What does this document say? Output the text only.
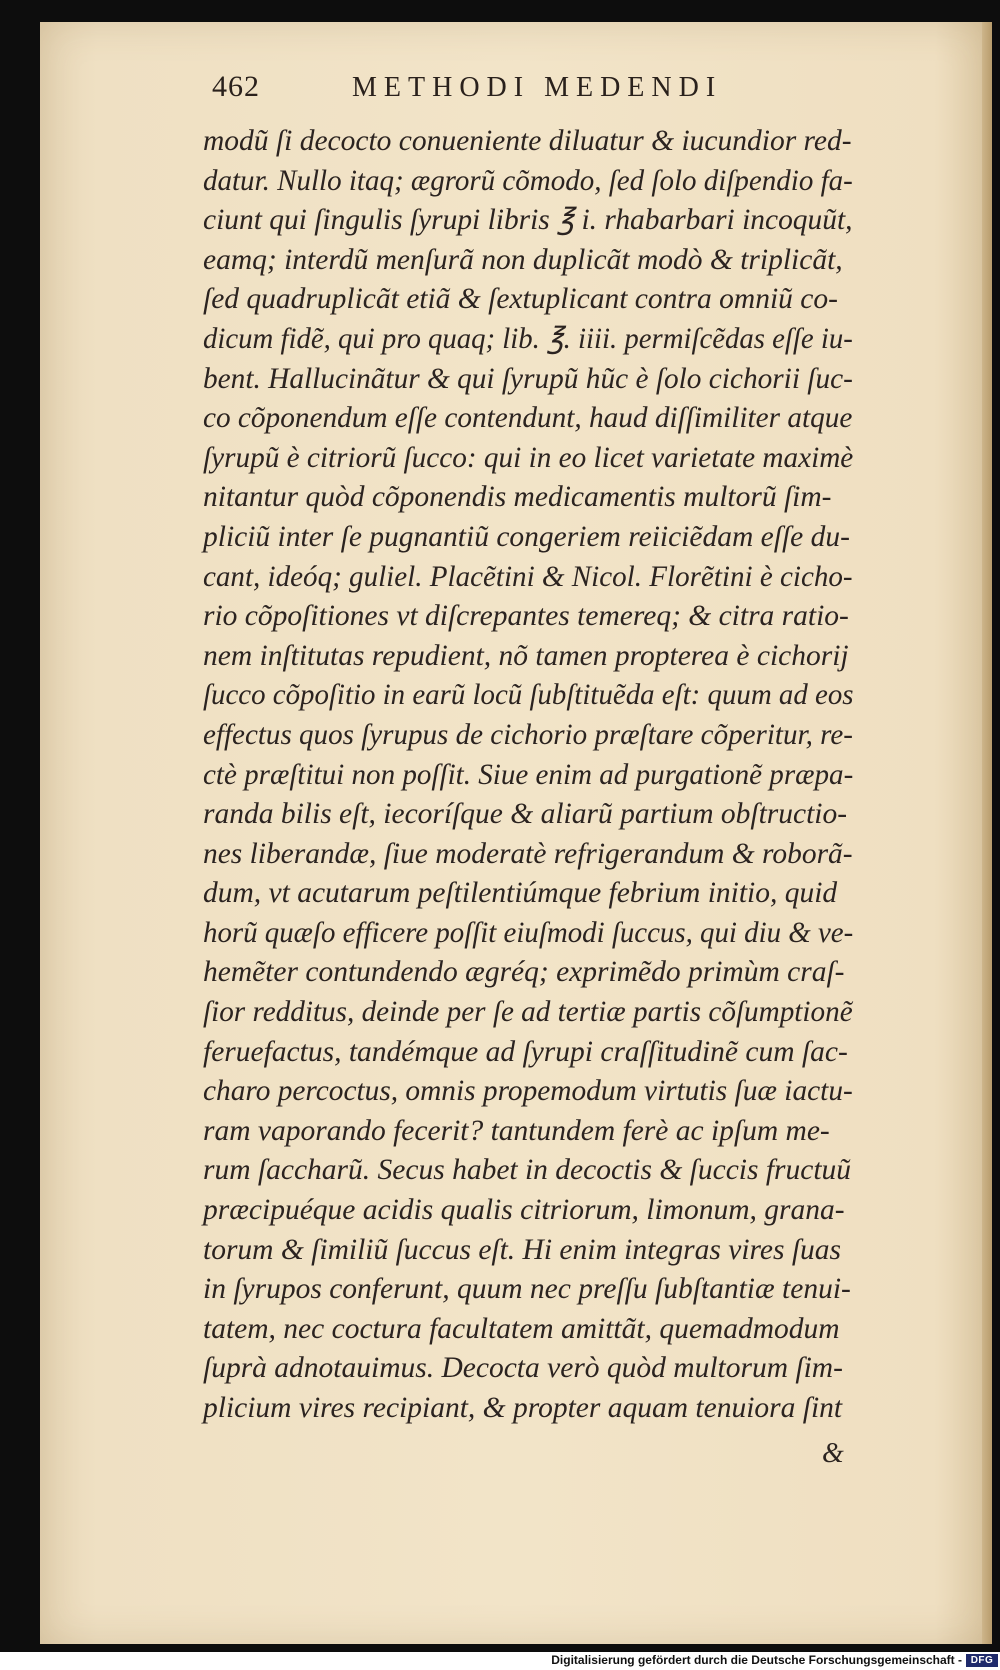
462	METHODI MEDENDI
modũ ſi decocto conueniente diluatur & iucundior red-
datur. Nullo itaq; ægrorũ cõmodo, ſed ſolo diſpendio fa-
ciunt qui ſingulis ſyrupi libris ℥ i. rhabarbari incoquũt,
eamq; interdũ menſurã non duplicãt modò & triplicãt,
ſed quadruplicãt etiã & ſextuplicant contra omniũ co-
dicum fidẽ, qui pro quaq; lib. ℥. iiii. permiſcẽdas eſſe iu-
bent. Hallucinãtur & qui ſyrupũ hũc è ſolo cichorii ſuc-
co cõponendum eſſe contendunt, haud diſſimiliter atque
ſyrupũ è citriorũ ſucco: qui in eo licet varietate maximè
nitantur quòd cõponendis medicamentis multorũ ſim-
pliciũ inter ſe pugnantiũ congeriem reiiciẽdam eſſe du-
cant, ideóq; guliel. Placẽtini & Nicol. Florẽtini è cicho-
rio cõpoſitiones vt diſcrepantes temereq; & citra ratio-
nem inſtitutas repudient, nõ tamen propterea è cichorij
ſucco cõpoſitio in earũ locũ ſubſtituẽda eſt: quum ad eos
effectus quos ſyrupus de cichorio præſtare cõperitur, re-
ctè præſtitui non poſſit. Siue enim ad purgationẽ præpa-
randa bilis eſt, iecoríſque & aliarũ partium obſtructio-
nes liberandæ, ſiue moderatè refrigerandum & roborã-
dum, vt acutarum peſtilentiúmque febrium initio, quid
horũ quæſo efficere poſſit eiuſmodi ſuccus, qui diu & ve-
hemẽter contundendo ægréq; exprimẽdo primùm craſ-
ſior redditus, deinde per ſe ad tertiæ partis cõſumptionẽ
feruefactus, tandémque ad ſyrupi craſſitudinẽ cum ſac-
charo percoctus, omnis propemodum virtutis ſuæ iactu-
ram vaporando fecerit? tantundem ferè ac ipſum me-
rum ſaccharũ. Secus habet in decoctis & ſuccis fructuũ
præcipuéque acidis qualis citriorum, limonum, grana-
torum & ſimiliũ ſuccus eſt. Hi enim integras vires ſuas
in ſyrupos conferunt, quum nec preſſu ſubſtantiæ tenui-
tatem, nec coctura facultatem amittãt, quemadmodum
ſuprà adnotauimus. Decocta verò quòd multorum ſim-
plicium vires recipiant, & propter aquam tenuiora ſint
&
Digitalisierung gefördert durch die Deutsche Forschungsgemeinschaft - DFG
